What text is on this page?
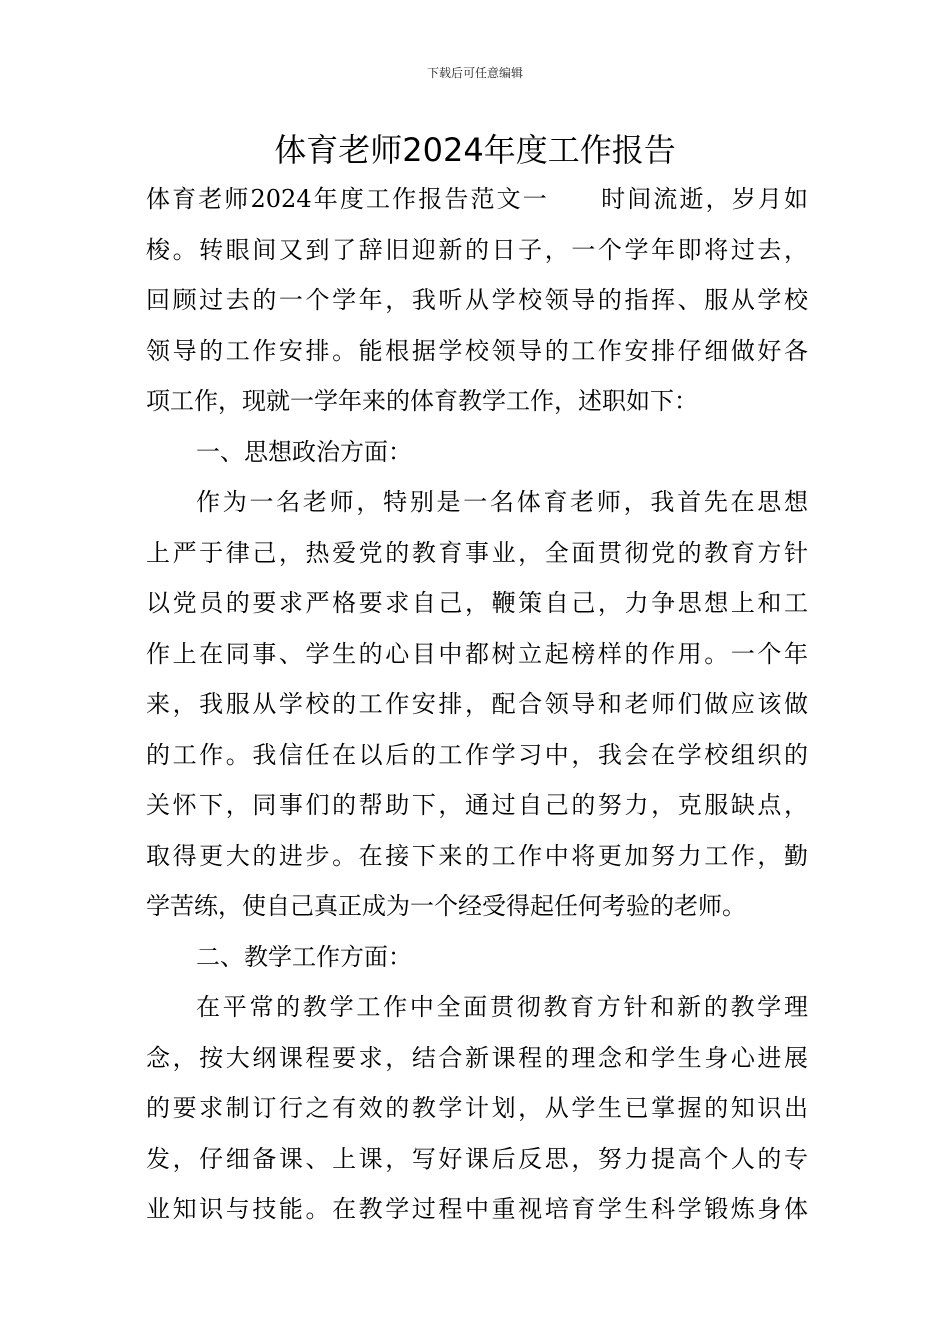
下载后可任意编辑
体育老师2024年度工作报告
体育老师2024年度工作报告范文一　　时间流逝，岁月如
梭。转眼间又到了辞旧迎新的日子，一个学年即将过去，
回顾过去的一个学年，我听从学校领导的指挥、服从学校
领导的工作安排。能根据学校领导的工作安排仔细做好各
项工作，现就一学年来的体育教学工作，述职如下：
一、思想政治方面：
作为一名老师，特别是一名体育老师，我首先在思想
上严于律己，热爱党的教育事业，全面贯彻党的教育方针
以党员的要求严格要求自己，鞭策自己，力争思想上和工
作上在同事、学生的心目中都树立起榜样的作用。一个年
来，我服从学校的工作安排，配合领导和老师们做应该做
的工作。我信任在以后的工作学习中，我会在学校组织的
关怀下，同事们的帮助下，通过自己的努力，克服缺点，
取得更大的进步。在接下来的工作中将更加努力工作，勤
学苦练，使自己真正成为一个经受得起任何考验的老师。
二、教学工作方面：
在平常的教学工作中全面贯彻教育方针和新的教学理
念，按大纲课程要求，结合新课程的理念和学生身心进展
的要求制订行之有效的教学计划，从学生已掌握的知识出
发，仔细备课、上课，写好课后反思，努力提高个人的专
业知识与技能。在教学过程中重视培育学生科学锻炼身体
